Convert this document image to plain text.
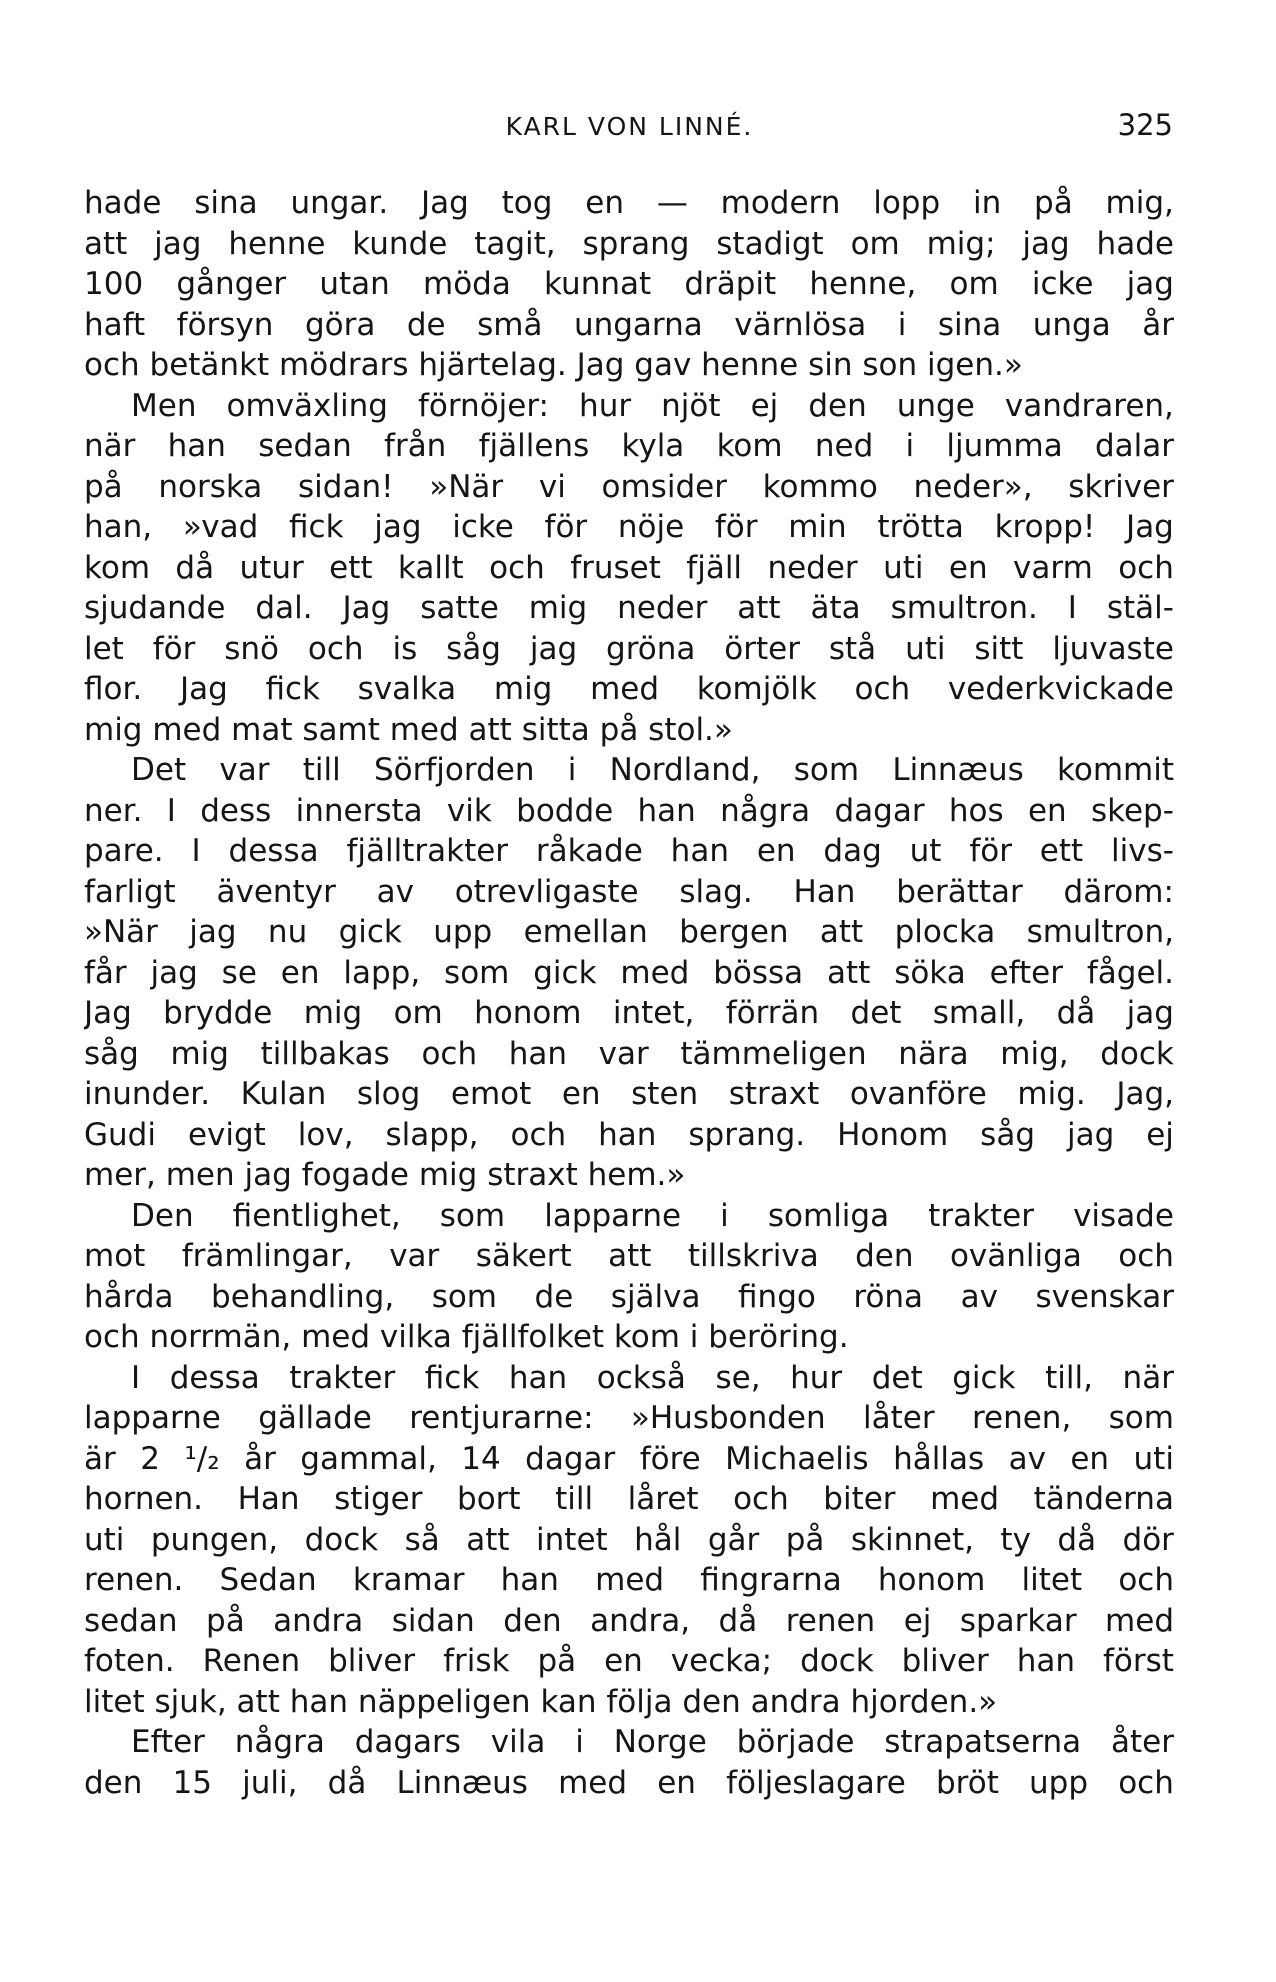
KARL VON LINNÉ.	325
hade sina ungar. Jag tog en — modern lopp in på mig,
att jag henne kunde tagit, sprang stadigt om mig; jag hade
100 gånger utan möda kunnat dräpit henne, om icke jag
haft försyn göra de små ungarna värnlösa i sina unga år
och betänkt mödrars hjärtelag. Jag gav henne sin son igen.»
Men omväxling förnöjer: hur njöt ej den unge vandraren,
när han sedan från fjällens kyla kom ned i ljumma dalar
på norska sidan! »När vi omsider kommo neder», skriver
han, »vad fick jag icke för nöje för min trötta kropp! Jag
kom då utur ett kallt och fruset fjäll neder uti en varm och
sjudande dal. Jag satte mig neder att äta smultron. I stäl-
let för snö och is såg jag gröna örter stå uti sitt ljuvaste
flor. Jag fick svalka mig med komjölk och vederkvickade
mig med mat samt med att sitta på stol.»
Det var till Sörfjorden i Nordland, som Linnæus kommit
ner. I dess innersta vik bodde han några dagar hos en skep-
pare. I dessa fjälltrakter råkade han en dag ut för ett livs-
farligt äventyr av otrevligaste slag. Han berättar därom:
»När jag nu gick upp emellan bergen att plocka smultron,
får jag se en lapp, som gick med bössa att söka efter fågel.
Jag brydde mig om honom intet, förrän det small, då jag
såg mig tillbakas och han var tämmeligen nära mig, dock
inunder. Kulan slog emot en sten straxt ovanföre mig. Jag,
Gudi evigt lov, slapp, och han sprang. Honom såg jag ej
mer, men jag fogade mig straxt hem.»
Den fientlighet, som lapparne i somliga trakter visade
mot främlingar, var säkert att tillskriva den ovänliga och
hårda behandling, som de själva fingo röna av svenskar
och norrmän, med vilka fjällfolket kom i beröring.
I dessa trakter fick han också se, hur det gick till, när
lapparne gällade rentjurarne: »Husbonden låter renen, som
är 2 ¹/₂ år gammal, 14 dagar före Michaelis hållas av en uti
hornen. Han stiger bort till låret och biter med tänderna
uti pungen, dock så att intet hål går på skinnet, ty då dör
renen. Sedan kramar han med fingrarna honom litet och
sedan på andra sidan den andra, då renen ej sparkar med
foten. Renen bliver frisk på en vecka; dock bliver han först
litet sjuk, att han näppeligen kan följa den andra hjorden.»
Efter några dagars vila i Norge började strapatserna åter
den 15 juli, då Linnæus med en följeslagare bröt upp och
